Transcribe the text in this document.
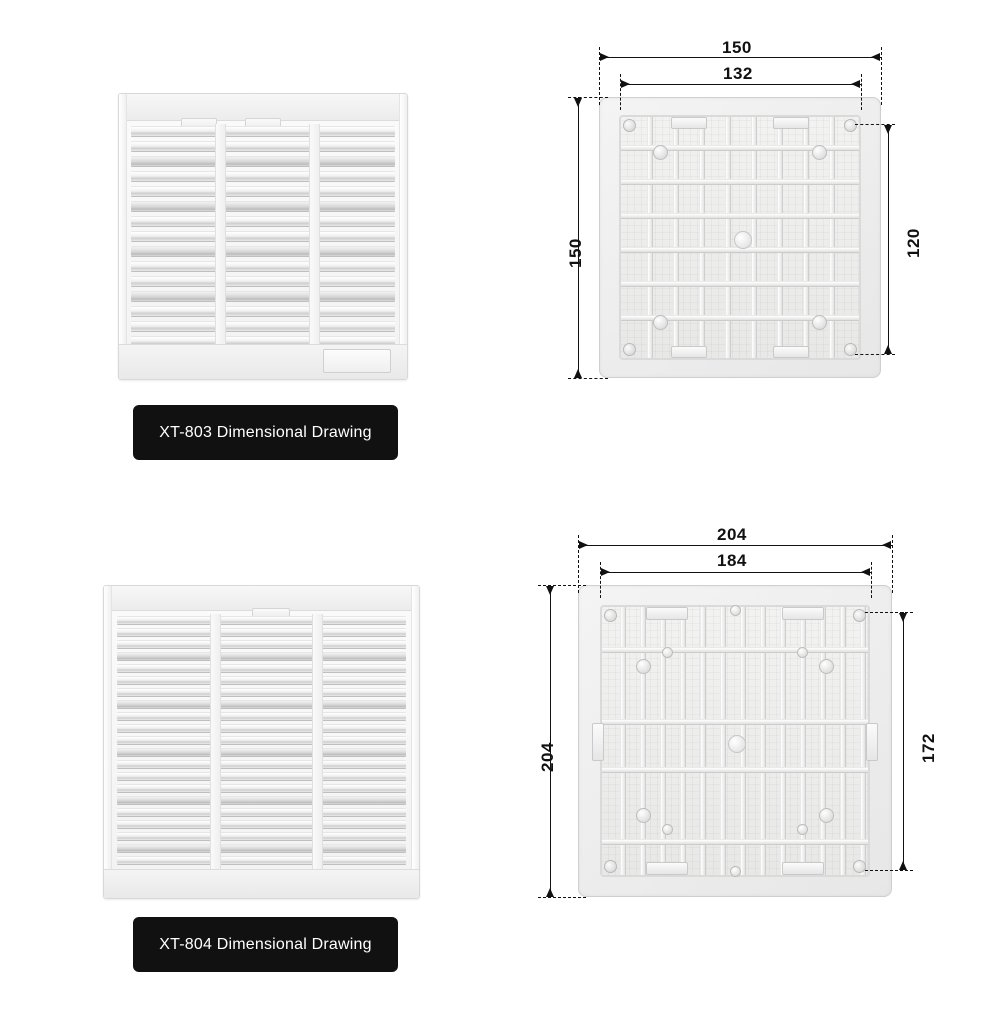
XT-803 Dimensional Drawing
150
132
150	120
XT-804 Dimensional Drawing
204
184
204	172
